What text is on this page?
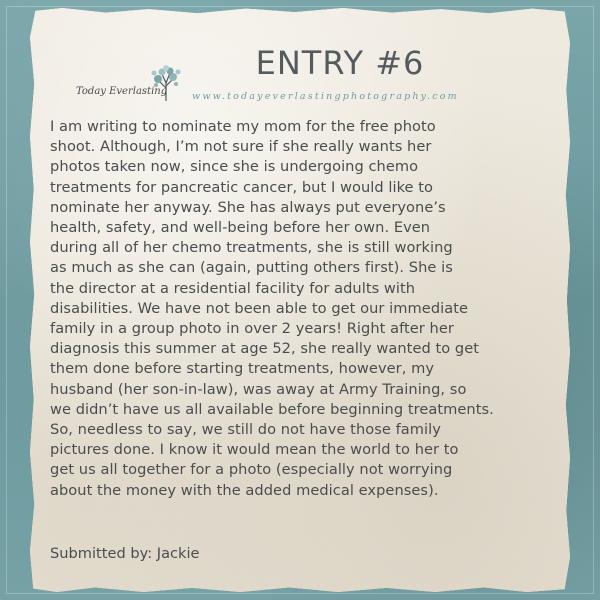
ENTRY #6
Today Everlasting	www.todayeverlastingphotography.com
I am writing to nominate my mom for the free photo
shoot. Although, I’m not sure if she really wants her
photos taken now, since she is undergoing chemo
treatments for pancreatic cancer, but I would like to
nominate her anyway. She has always put everyone’s
health, safety, and well-being before her own. Even
during all of her chemo treatments, she is still working
as much as she can (again, putting others first). She is
the director at a residential facility for adults with
disabilities. We have not been able to get our immediate
family in a group photo in over 2 years! Right after her
diagnosis this summer at age 52, she really wanted to get
them done before starting treatments, however, my
husband (her son-in-law), was away at Army Training, so
we didn’t have us all available before beginning treatments.
So, needless to say, we still do not have those family
pictures done. I know it would mean the world to her to
get us all together for a photo (especially not worrying
about the money with the added medical expenses).
Submitted by: Jackie
